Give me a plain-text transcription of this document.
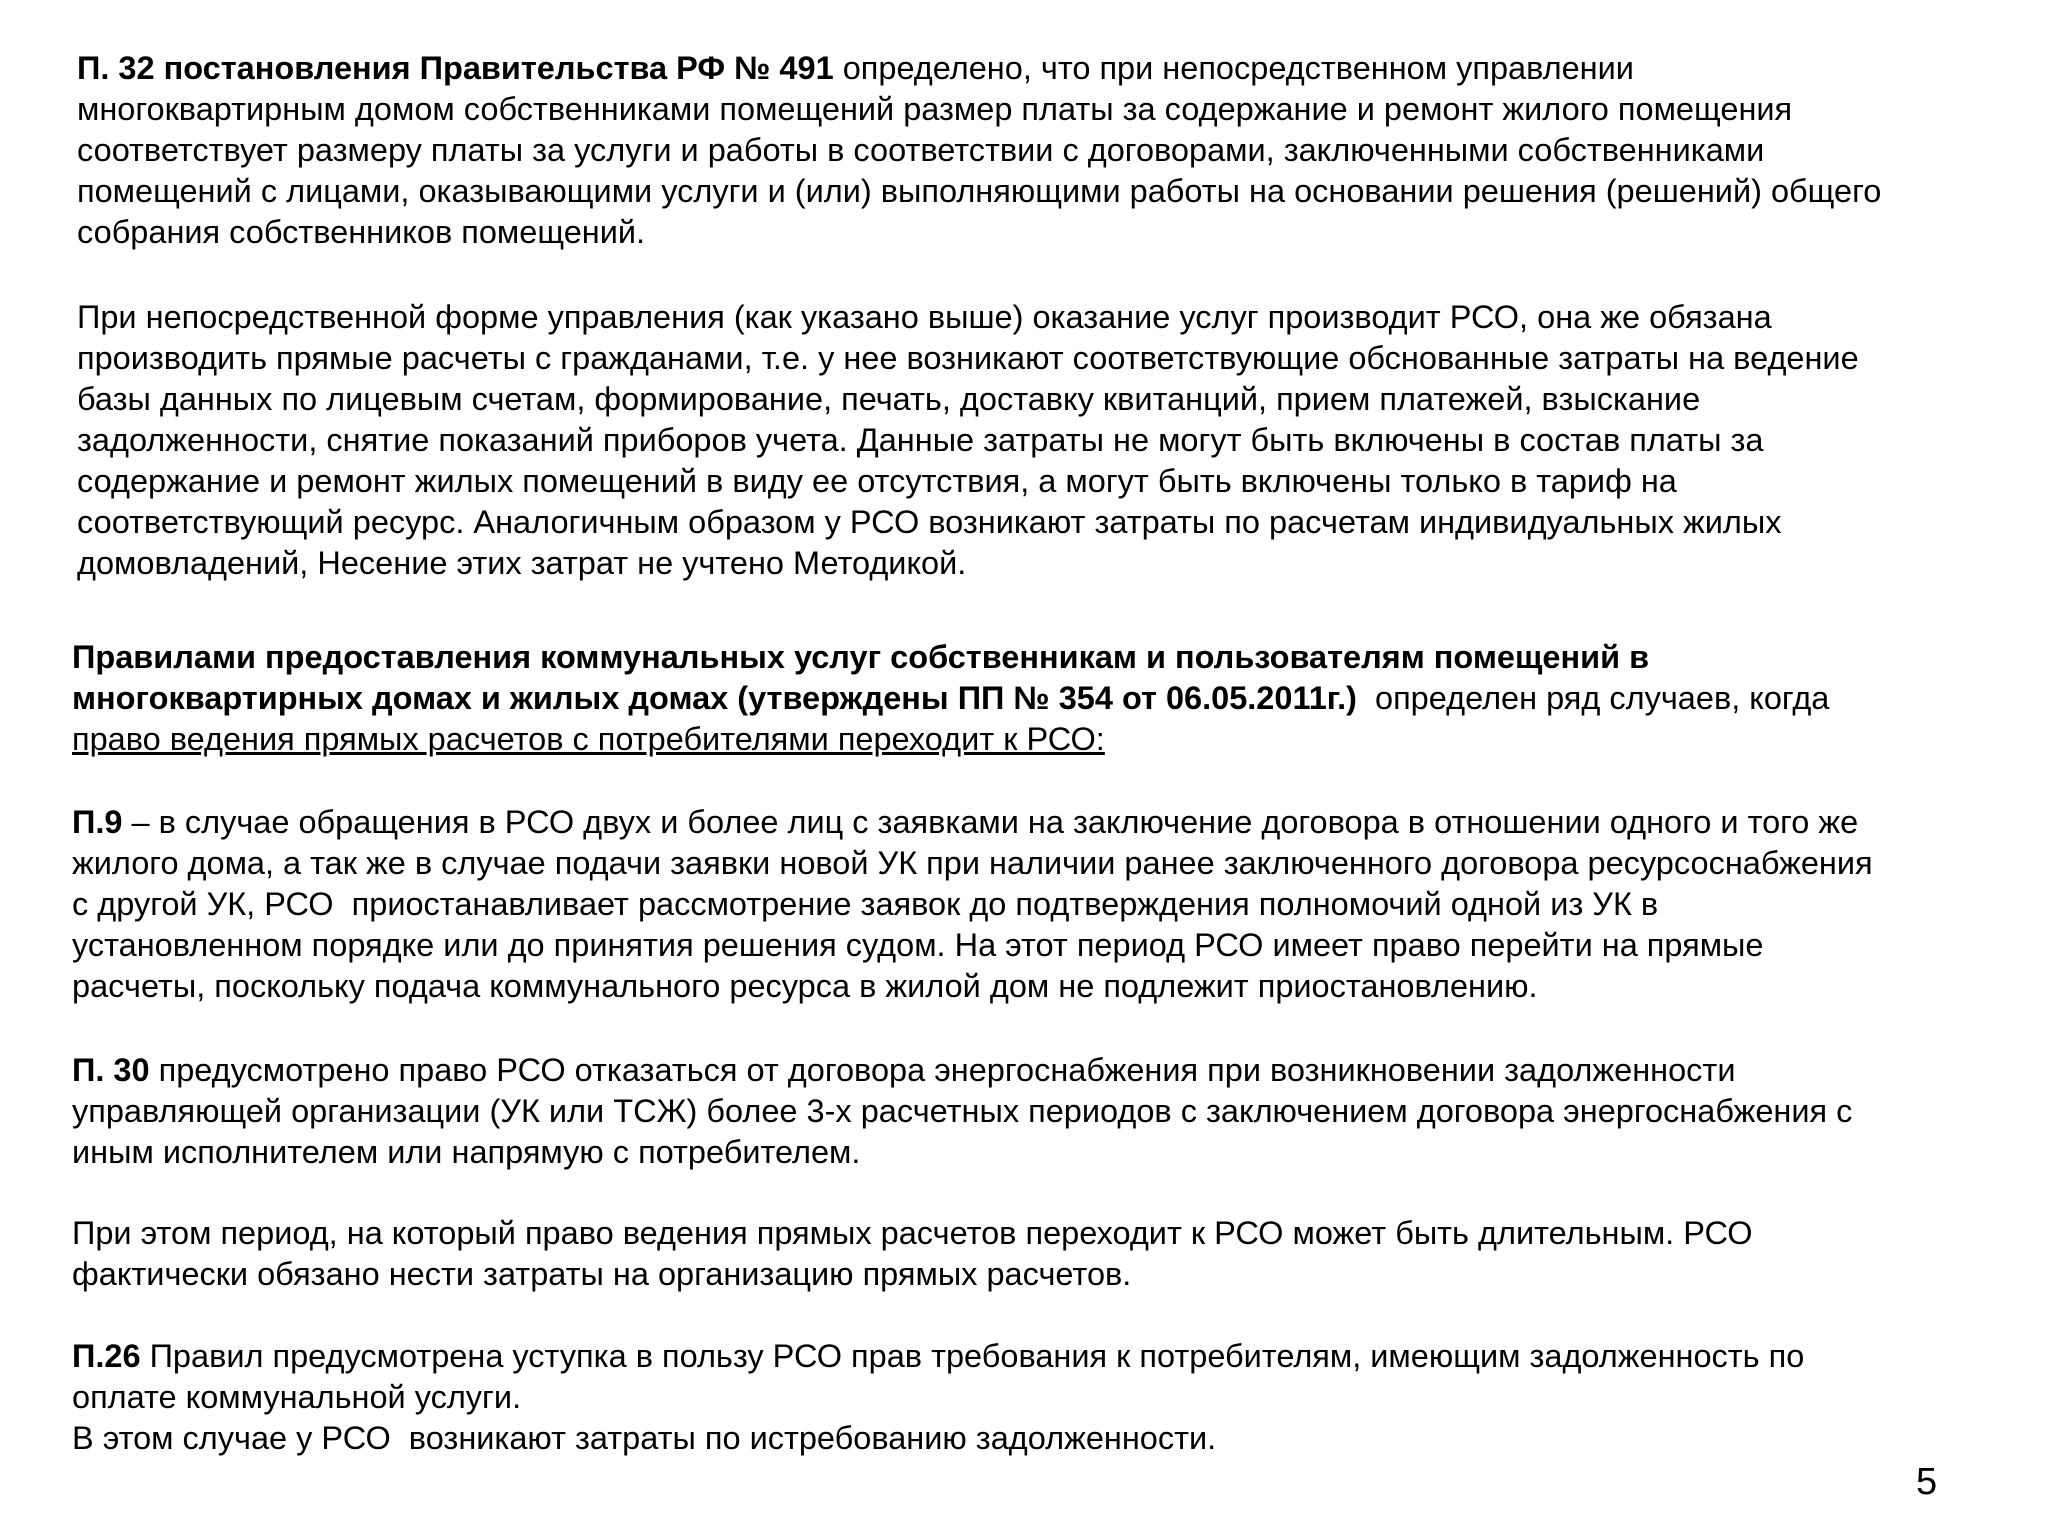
П. 32 постановления Правительства РФ № 491 определено, что при непосредственном управлении
многоквартирным домом собственниками помещений размер платы за содержание и ремонт жилого помещения
соответствует размеру платы за услуги и работы в соответствии с договорами, заключенными собственниками
помещений с лицами, оказывающими услуги и (или) выполняющими работы на основании решения (решений) общего
собрания собственников помещений.

При непосредственной форме управления (как указано выше) оказание услуг производит РСО, она же обязана
производить прямые расчеты с гражданами, т.е. у нее возникают соответствующие обснованные затраты на ведение
базы данных по лицевым счетам, формирование, печать, доставку квитанций, прием платежей, взыскание
задолженности, снятие показаний приборов учета. Данные затраты не могут быть включены в состав платы за
содержание и ремонт жилых помещений в виду ее отсутствия, а могут быть включены только в тариф на
соответствующий ресурс. Аналогичным образом у РСО возникают затраты по расчетам индивидуальных жилых
домовладений, Несение этих затрат не учтено Методикой.

Правилами предоставления коммунальных услуг собственникам и пользователям помещений в
многоквартирных домах и жилых домах (утверждены ПП № 354 от 06.05.2011г.)  определен ряд случаев, когда
право ведения прямых расчетов с потребителями переходит к РСО:

П.9 – в случае обращения в РСО двух и более лиц с заявками на заключение договора в отношении одного и того же
жилого дома, а так же в случае подачи заявки новой УК при наличии ранее заключенного договора ресурсоснабжения
с другой УК, РСО  приостанавливает рассмотрение заявок до подтверждения полномочий одной из УК в
установленном порядке или до принятия решения судом. На этот период РСО имеет право перейти на прямые
расчеты, поскольку подача коммунального ресурса в жилой дом не подлежит приостановлению.

П. 30 предусмотрено право РСО отказаться от договора энергоснабжения при возникновении задолженности
управляющей организации (УК или ТСЖ) более 3-х расчетных периодов с заключением договора энергоснабжения с
иным исполнителем или напрямую с потребителем.

При этом период, на который право ведения прямых расчетов переходит к РСО может быть длительным. РСО
фактически обязано нести затраты на организацию прямых расчетов.

П.26 Правил предусмотрена уступка в пользу РСО прав требования к потребителям, имеющим задолженность по
оплате коммунальной услуги.
В этом случае у РСО  возникают затраты по истребованию задолженности.

5
